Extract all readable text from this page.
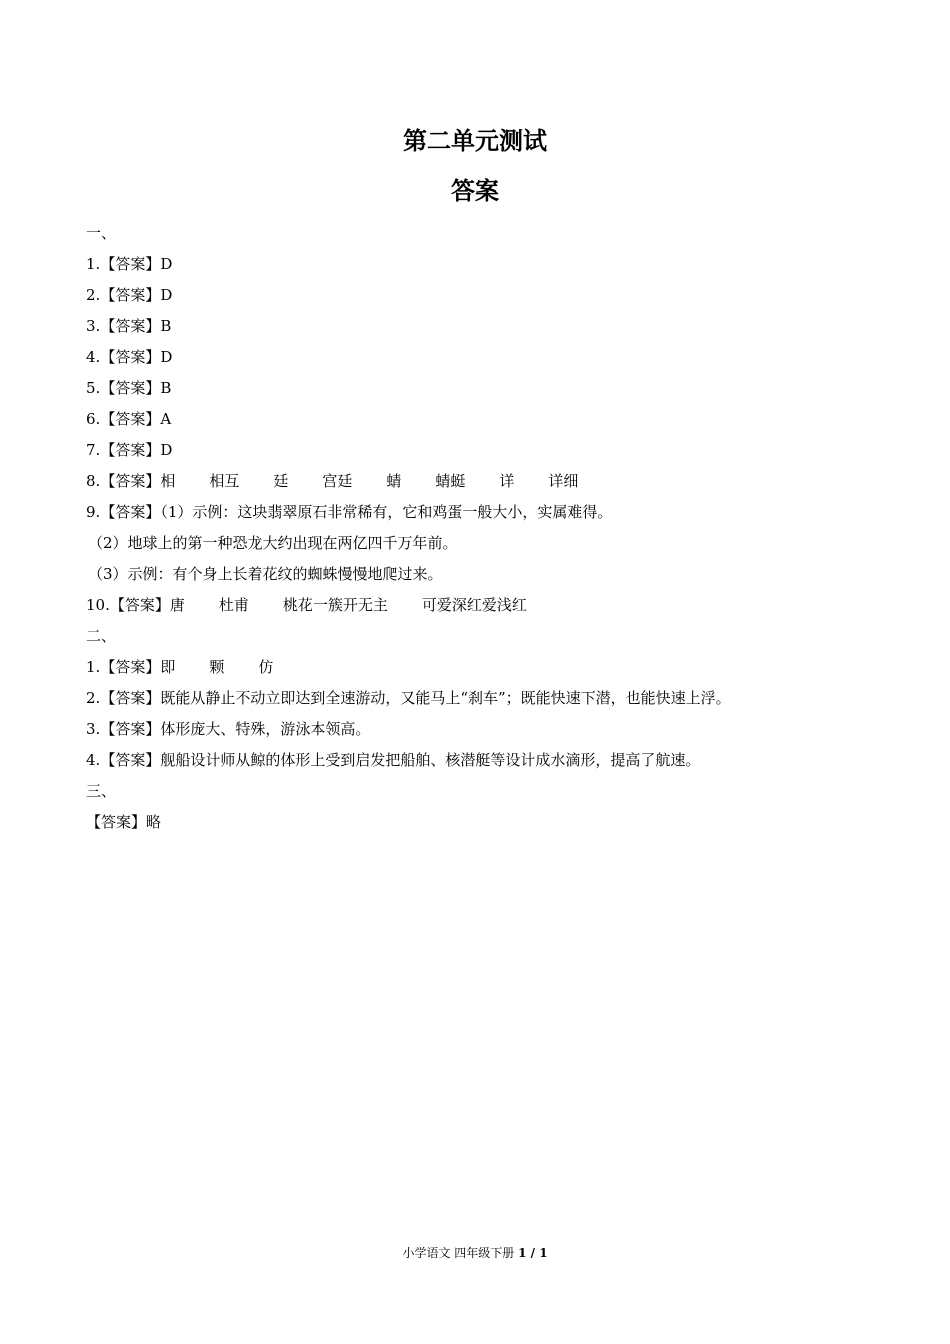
第二单元测试
答案
一、
1.【答案】D
2.【答案】D
3.【答案】B
4.【答案】D
5.【答案】B
6.【答案】A
7.【答案】D
8.【答案】相 相互 廷 宫廷 蜻 蜻蜓 详 详细
9.【答案】（1）示例：这块翡翠原石非常稀有，它和鸡蛋一般大小，实属难得。
（2）地球上的第一种恐龙大约出现在两亿四千万年前。
（3）示例：有个身上长着花纹的蜘蛛慢慢地爬过来。
10.【答案】唐 杜甫 桃花一簇开无主 可爱深红爱浅红
二、
1.【答案】即 颗 仿
2.【答案】既能从静止不动立即达到全速游动，又能马上“刹车”；既能快速下潜，也能快速上浮。
3.【答案】体形庞大、特殊，游泳本领高。
4.【答案】舰船设计师从鲸的体形上受到启发把船舶、核潜艇等设计成水滴形，提高了航速。
三、
【答案】略
小学语文 四年级下册 1 / 1
